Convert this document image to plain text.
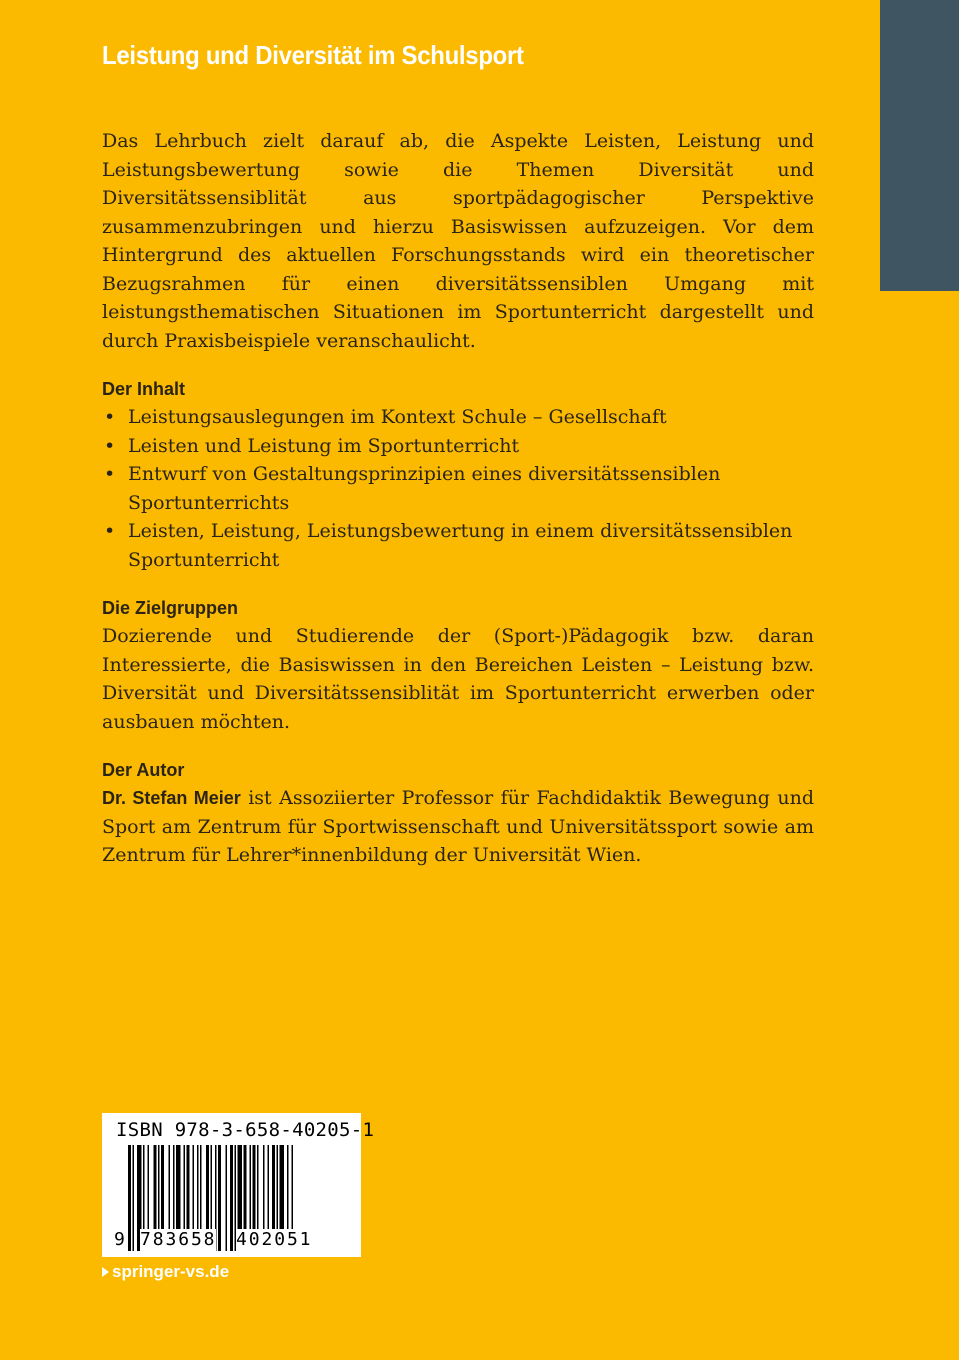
Leistung und Diversität im Schulsport

Das Lehrbuch zielt darauf ab, die Aspekte Leisten, Leistung und Leistungsbewertung sowie die Themen Diversität und Diversitätssensiblität aus sportpädagogischer Perspektive zusammenzubringen und hierzu Basiswissen aufzuzeigen. Vor dem Hintergrund des aktuellen Forschungsstands wird ein theoretischer Bezugsrahmen für einen diversitätssensiblen Umgang mit leistungsthematischen Situationen im Sportunterricht dargestellt und durch Praxisbeispiele veranschaulicht.

Der Inhalt

• Leistungsauslegungen im Kontext Schule – Gesellschaft
• Leisten und Leistung im Sportunterricht
• Entwurf von Gestaltungsprinzipien eines diversitätssensiblen Sportunterrichts
• Leisten, Leistung, Leistungsbewertung in einem diversitätssensiblen Sportunterricht

Die Zielgruppen

Dozierende und Studierende der (Sport-)Pädagogik bzw. daran Interessierte, die Basiswissen in den Bereichen Leisten – Leistung bzw. Diversität und Diversitätssensiblität im Sportunterricht erwerben oder ausbauen möchten.

Der Autor

Dr. Stefan Meier ist Assoziierter Professor für Fachdidaktik Bewegung und Sport am Zentrum für Sportwissenschaft und Universitätssport sowie am Zentrum für Lehrer*innenbildung der Universität Wien.

ISBN 978-3-658-40205-1
9 783658 402051
springer-vs.de
